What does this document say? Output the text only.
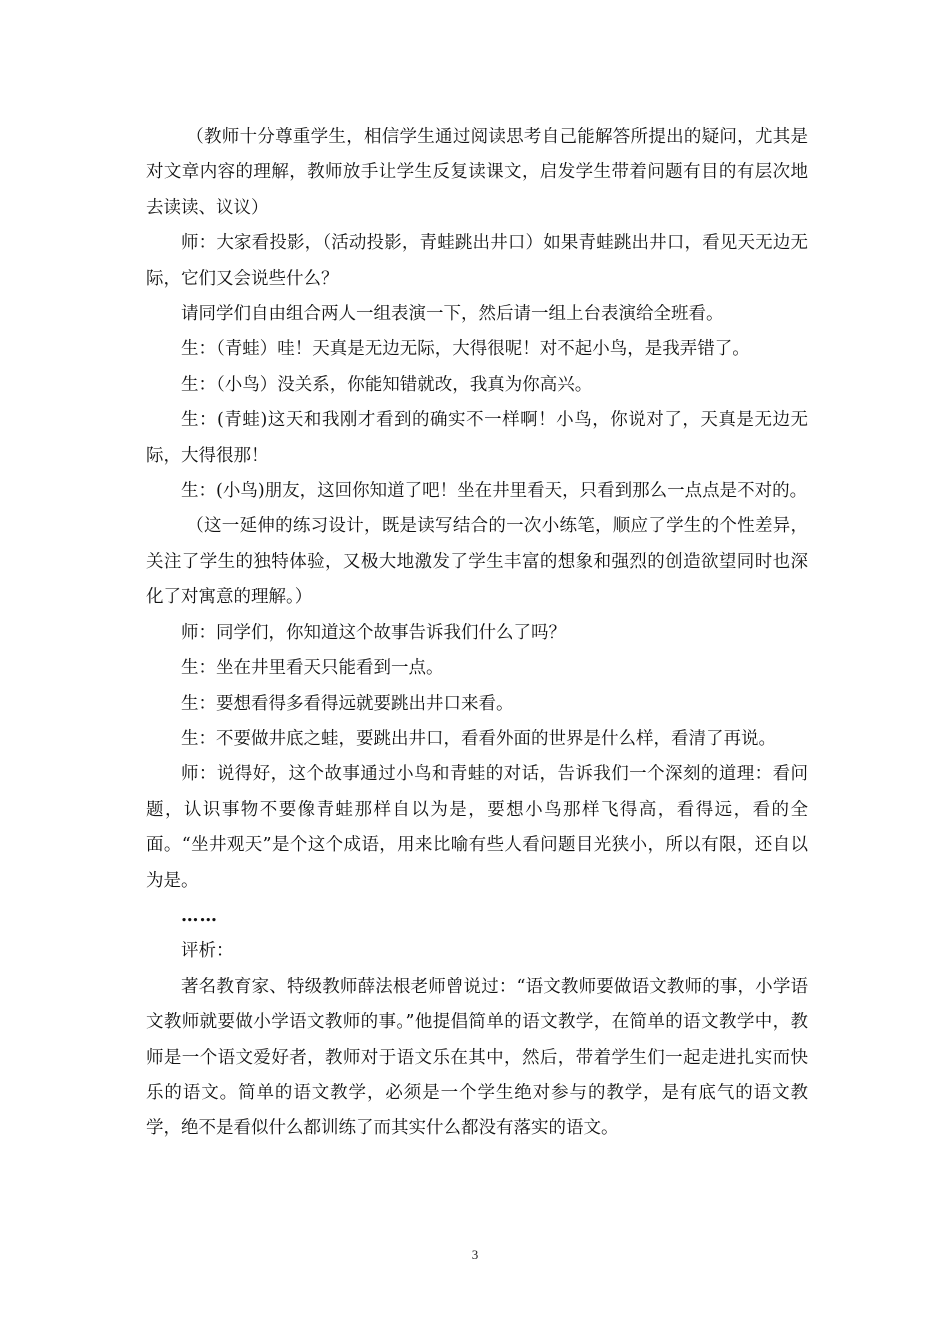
（教师十分尊重学生，相信学生通过阅读思考自己能解答所提出的疑问，尤其是对文章内容的理解，教师放手让学生反复读课文，启发学生带着问题有目的有层次地去读读、议议）

师：大家看投影，（活动投影，青蛙跳出井口）如果青蛙跳出井口，看见天无边无际，它们又会说些什么？

请同学们自由组合两人一组表演一下，然后请一组上台表演给全班看。

生：（青蛙）哇！天真是无边无际，大得很呢！对不起小鸟，是我弄错了。

生：（小鸟）没关系，你能知错就改，我真为你高兴。

生：(青蛙)这天和我刚才看到的确实不一样啊！小鸟，你说对了，天真是无边无际，大得很那！

生：(小鸟)朋友，这回你知道了吧！坐在井里看天，只看到那么一点点是不对的。

（这一延伸的练习设计，既是读写结合的一次小练笔，顺应了学生的个性差异，关注了学生的独特体验，又极大地激发了学生丰富的想象和强烈的创造欲望同时也深化了对寓意的理解。）

师：同学们，你知道这个故事告诉我们什么了吗？

生：坐在井里看天只能看到一点。

生：要想看得多看得远就要跳出井口来看。

生：不要做井底之蛙，要跳出井口，看看外面的世界是什么样，看清了再说。

师：说得好，这个故事通过小鸟和青蛙的对话，告诉我们一个深刻的道理：看问题，认识事物不要像青蛙那样自以为是，要想小鸟那样飞得高，看得远，看的全面。“坐井观天”是个这个成语，用来比喻有些人看问题目光狭小，所以有限，还自以为是。

……

评析：

著名教育家、特级教师薛法根老师曾说过：“语文教师要做语文教师的事，小学语文教师就要做小学语文教师的事。”他提倡简单的语文教学，在简单的语文教学中，教师是一个语文爱好者，教师对于语文乐在其中，然后，带着学生们一起走进扎实而快乐的语文。简单的语文教学，必须是一个学生绝对参与的教学，是有底气的语文教学，绝不是看似什么都训练了而其实什么都没有落实的语文。

3
